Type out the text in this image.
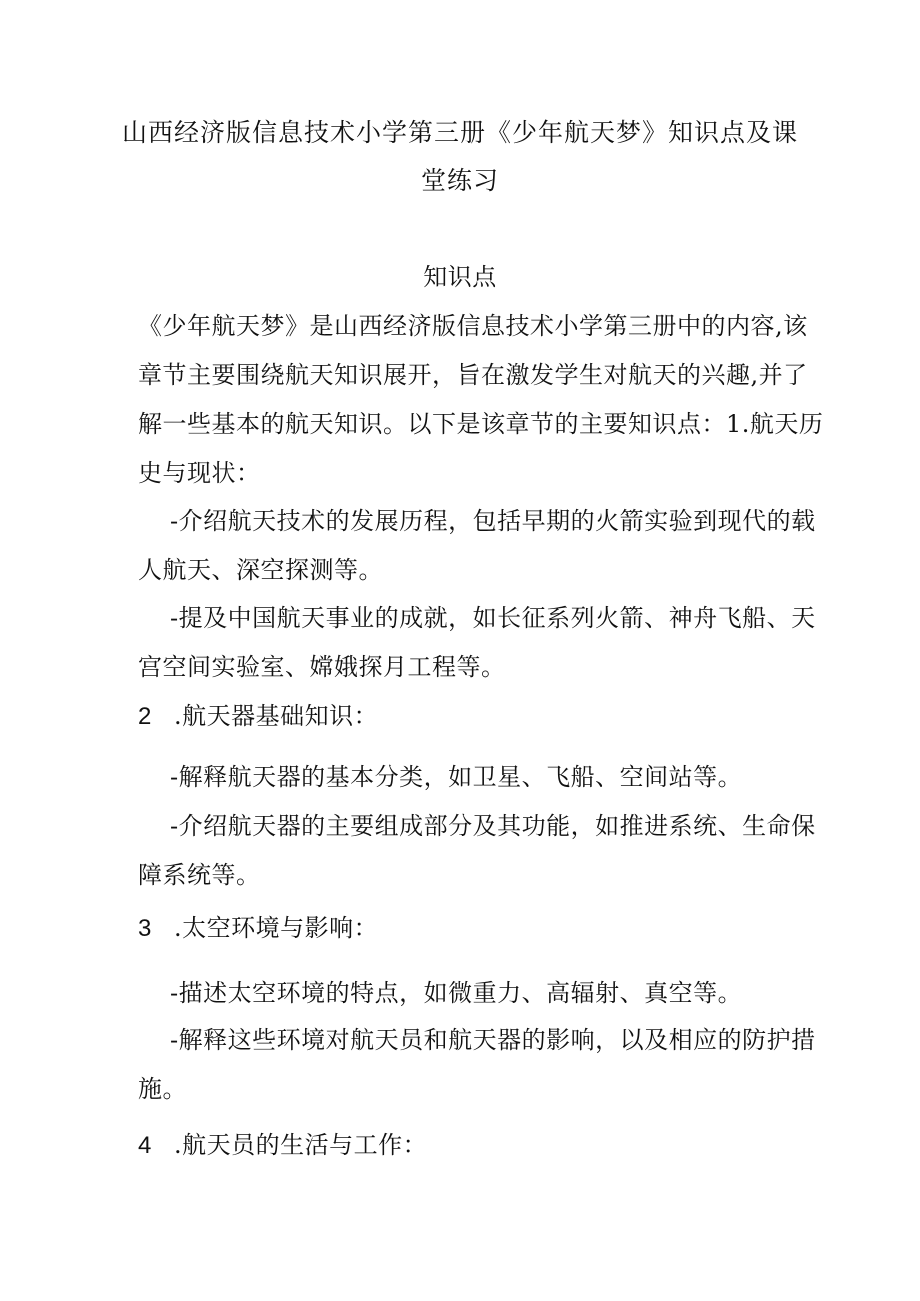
山西经济版信息技术小学第三册《少年航天梦》知识点及课
堂练习
知识点
《少年航天梦》是山西经济版信息技术小学第三册中的内容,该
章节主要围绕航天知识展开，旨在激发学生对航天的兴趣,并了
解一些基本的航天知识。以下是该章节的主要知识点：1.航天历
史与现状：
-介绍航天技术的发展历程，包括早期的火箭实验到现代的载
人航天、深空探测等。
-提及中国航天事业的成就，如长征系列火箭、神舟飞船、天
宫空间实验室、嫦娥探月工程等。
2 .航天器基础知识：
-解释航天器的基本分类，如卫星、飞船、空间站等。
-介绍航天器的主要组成部分及其功能，如推进系统、生命保
障系统等。
3 .太空环境与影响：
-描述太空环境的特点，如微重力、高辐射、真空等。
-解释这些环境对航天员和航天器的影响，以及相应的防护措
施。
4 .航天员的生活与工作：
